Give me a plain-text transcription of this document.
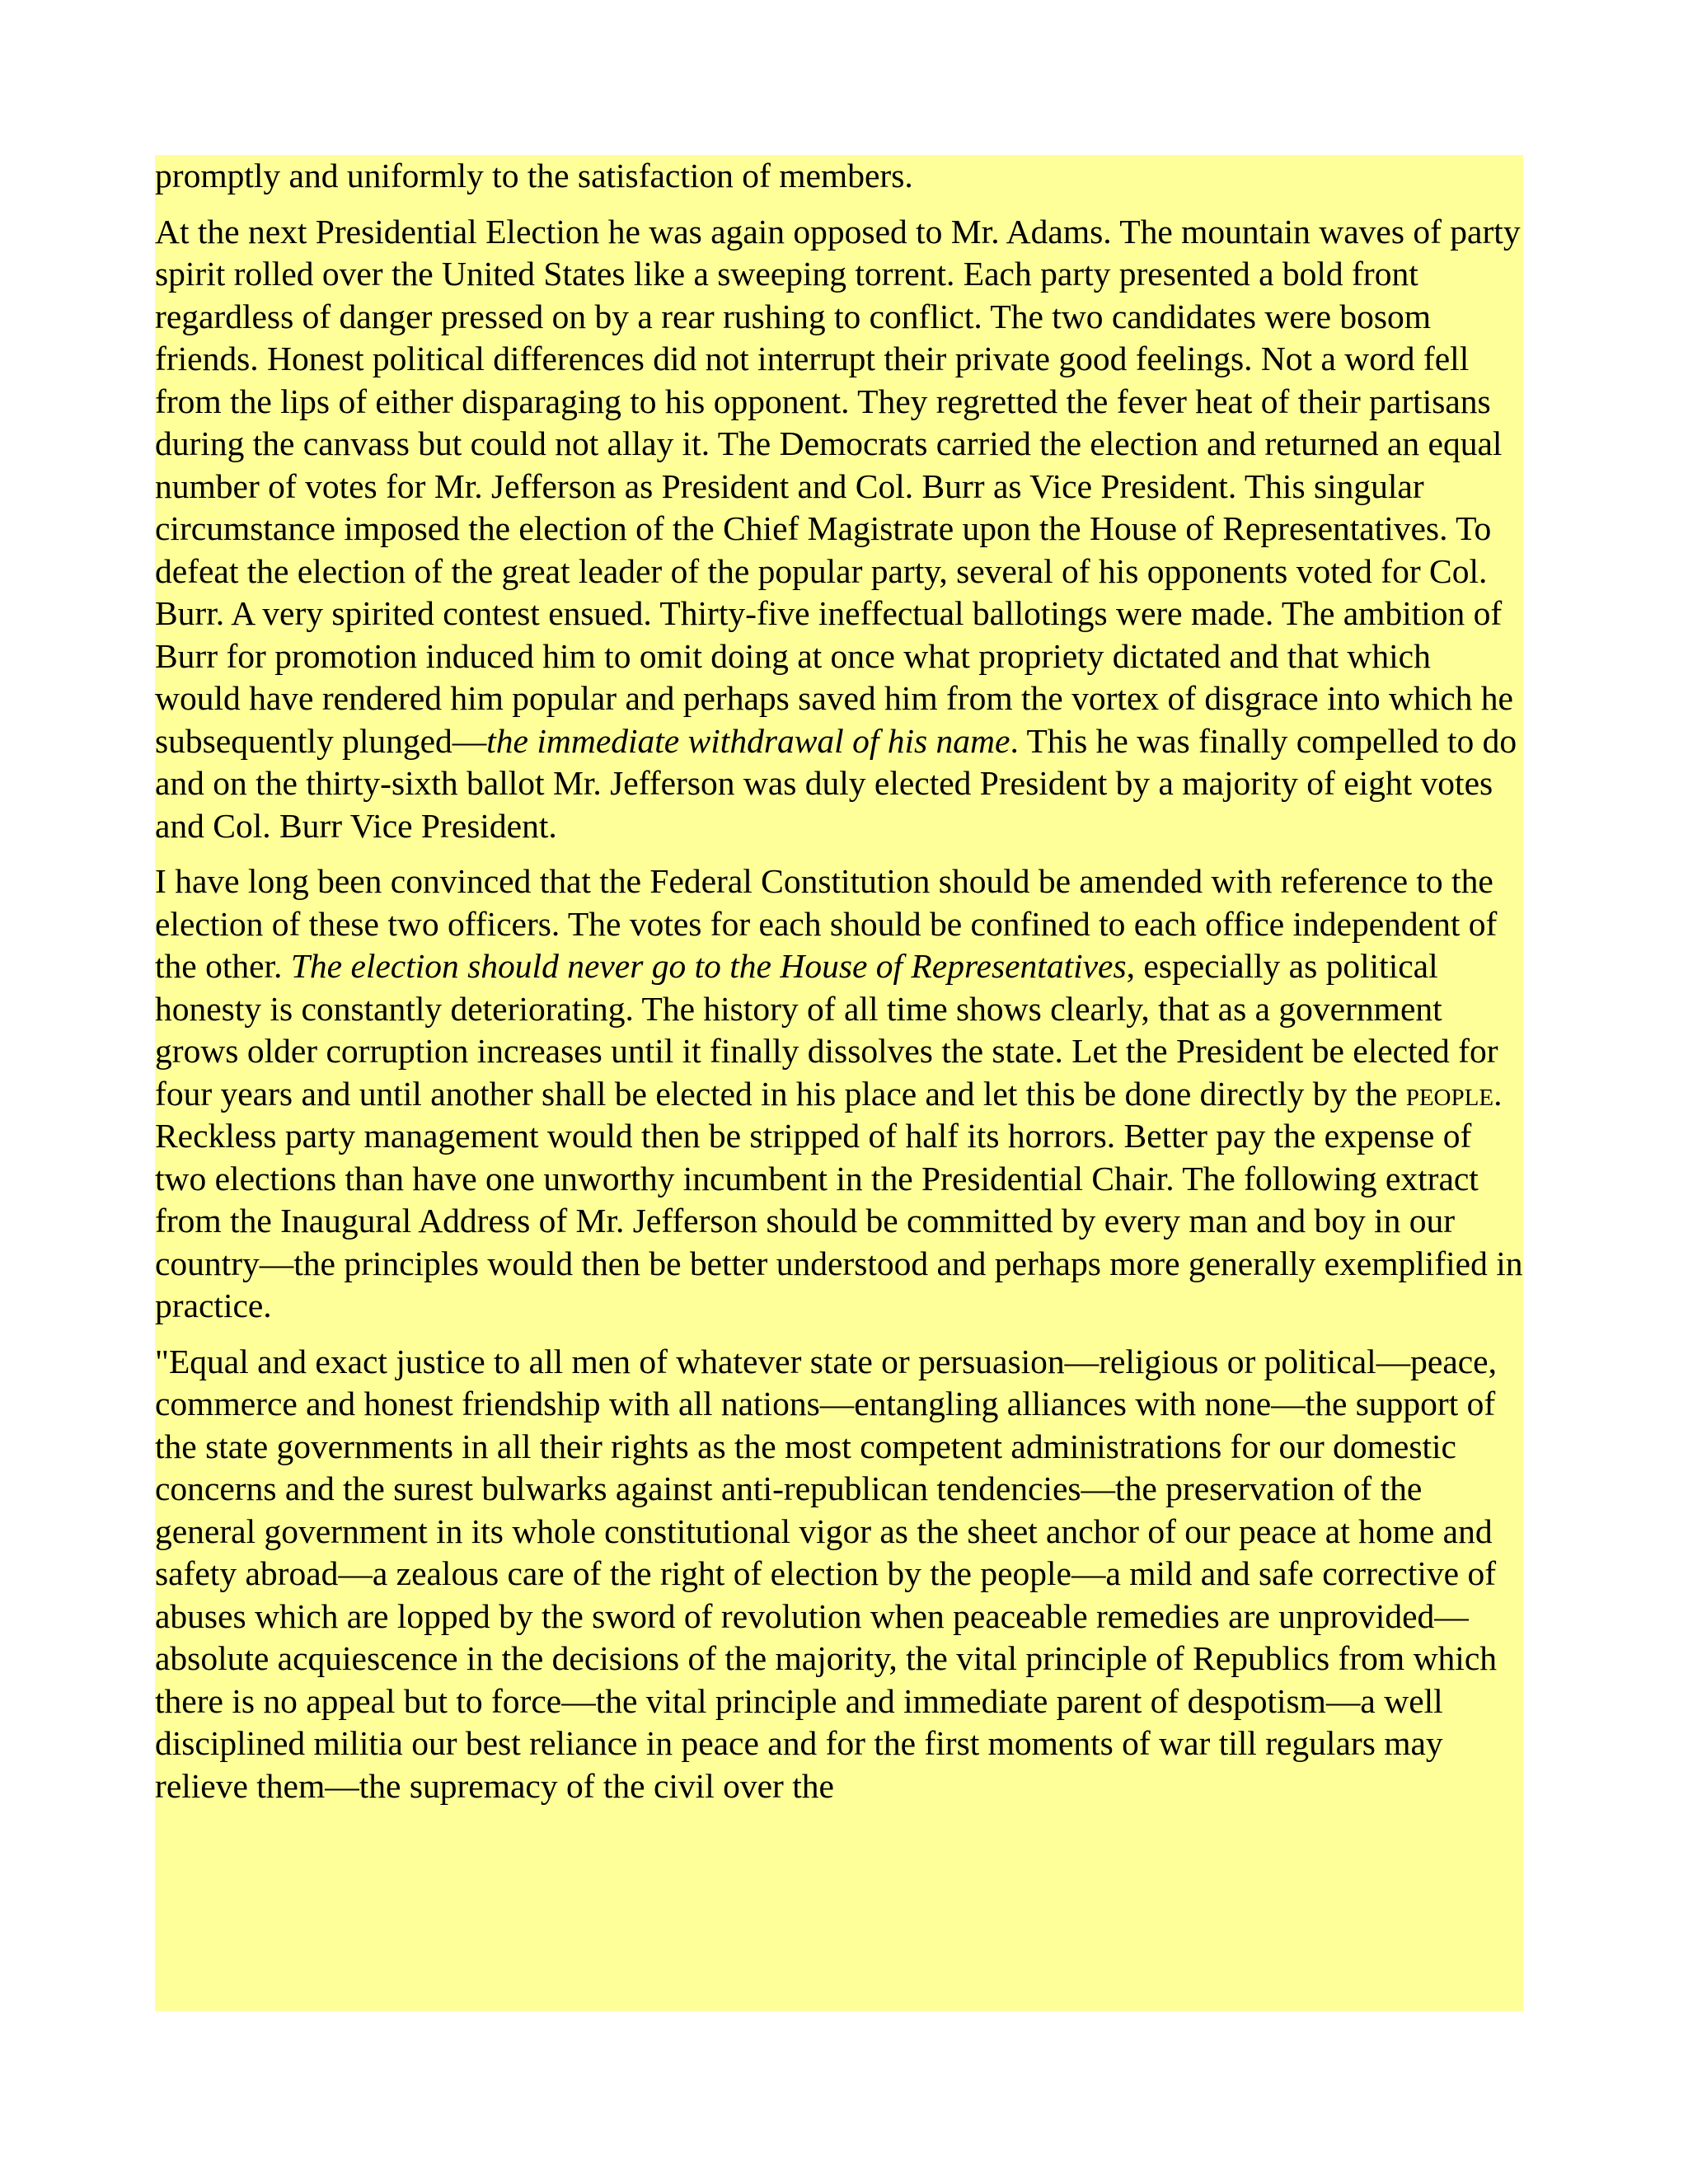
promptly and uniformly to the satisfaction of members.

At the next Presidential Election he was again opposed to Mr. Adams. The mountain waves of party spirit rolled over the United States like a sweeping torrent. Each party presented a bold front regardless of danger pressed on by a rear rushing to conflict. The two candidates were bosom friends. Honest political differences did not interrupt their private good feelings. Not a word fell from the lips of either disparaging to his opponent. They regretted the fever heat of their partisans during the canvass but could not allay it. The Democrats carried the election and returned an equal number of votes for Mr. Jefferson as President and Col. Burr as Vice President. This singular circumstance imposed the election of the Chief Magistrate upon the House of Representatives. To defeat the election of the great leader of the popular party, several of his opponents voted for Col. Burr. A very spirited contest ensued. Thirty-five ineffectual ballotings were made. The ambition of Burr for promotion induced him to omit doing at once what propriety dictated and that which would have rendered him popular and perhaps saved him from the vortex of disgrace into which he subsequently plunged—the immediate withdrawal of his name. This he was finally compelled to do and on the thirty-sixth ballot Mr. Jefferson was duly elected President by a majority of eight votes and Col. Burr Vice President.

I have long been convinced that the Federal Constitution should be amended with reference to the election of these two officers. The votes for each should be confined to each office independent of the other. The election should never go to the House of Representatives, especially as political honesty is constantly deteriorating. The history of all time shows clearly, that as a government grows older corruption increases until it finally dissolves the state. Let the President be elected for four years and until another shall be elected in his place and let this be done directly by the people. Reckless party management would then be stripped of half its horrors. Better pay the expense of two elections than have one unworthy incumbent in the Presidential Chair. The following extract from the Inaugural Address of Mr. Jefferson should be committed by every man and boy in our country—the principles would then be better understood and perhaps more generally exemplified in practice.

"Equal and exact justice to all men of whatever state or persuasion—religious or political—peace, commerce and honest friendship with all nations—entangling alliances with none—the support of the state governments in all their rights as the most competent administrations for our domestic concerns and the surest bulwarks against anti-republican tendencies—the preservation of the general government in its whole constitutional vigor as the sheet anchor of our peace at home and safety abroad—a zealous care of the right of election by the people—a mild and safe corrective of abuses which are lopped by the sword of revolution when peaceable remedies are unprovided—absolute acquiescence in the decisions of the majority, the vital principle of Republics from which there is no appeal but to force—the vital principle and immediate parent of despotism—a well disciplined militia our best reliance in peace and for the first moments of war till regulars may relieve them—the supremacy of the civil over the
